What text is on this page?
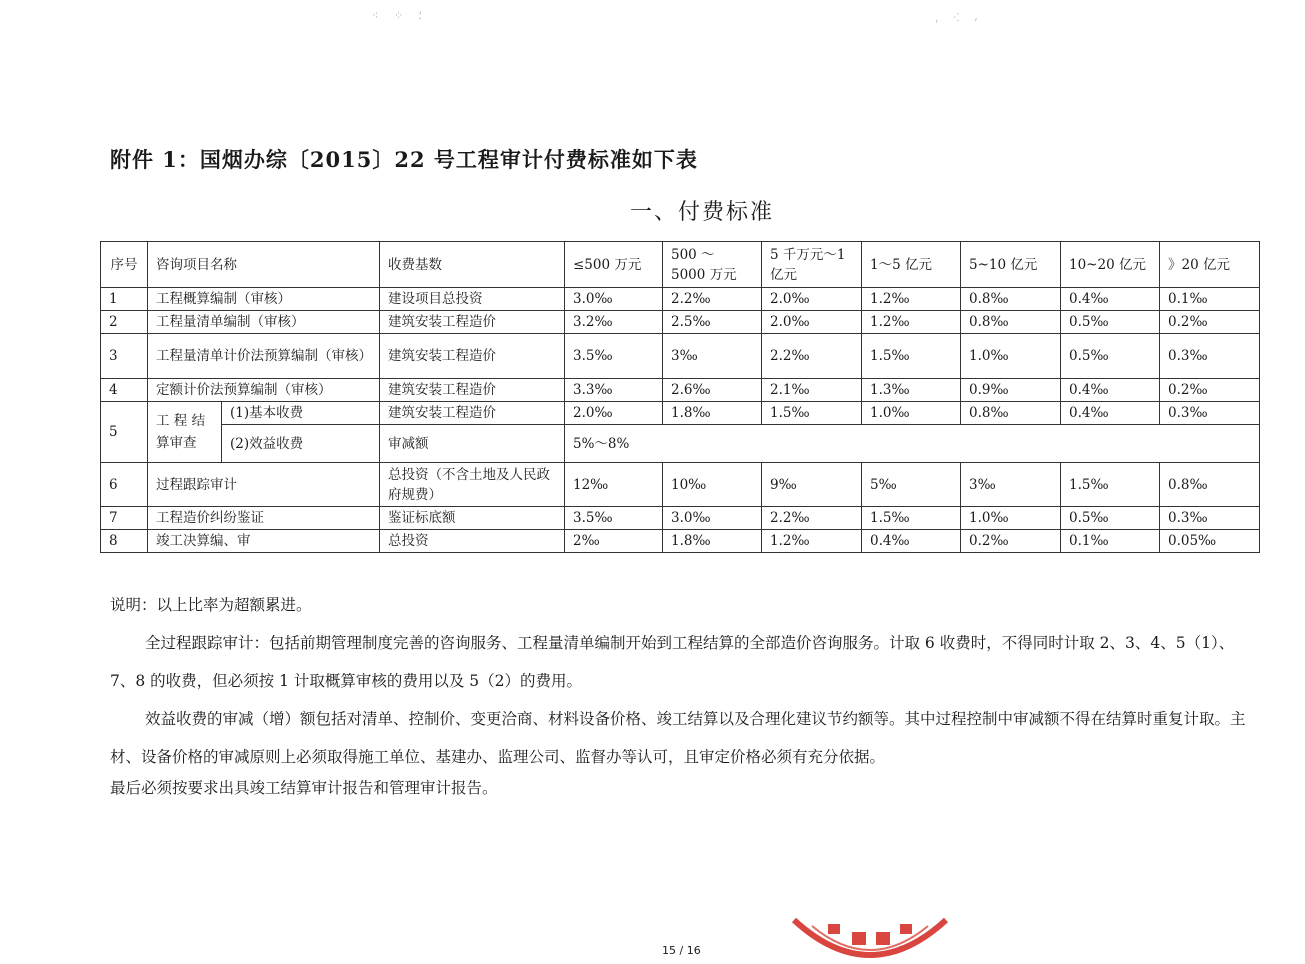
⁖ ⁘ ⸵	⸲ ⁖ ⸴
附件 1：国烟办综〔2015〕22 号工程审计付费标准如下表
一、付费标准
序号	咨询项目名称		收费基数	≤500 万元	500 ～ 5000 万元	5 千万元～1 亿元	1～5 亿元	5~10 亿元	10~20 亿元	》20 亿元
1	工程概算编制（审核）		建设项目总投资	3.0‰	2.2‰	2.0‰	1.2‰	0.8‰	0.4‰	0.1‰
2	工程量清单编制（审核）		建筑安装工程造价	3.2‰	2.5‰	2.0‰	1.2‰	0.8‰	0.5‰	0.2‰
3	工程量清单计价法预算编制（审核）		建筑安装工程造价	3.5‰	3‰	2.2‰	1.5‰	1.0‰	0.5‰	0.3‰
4	定额计价法预算编制（审核）		建筑安装工程造价	3.3‰	2.6‰	2.1‰	1.3‰	0.9‰	0.4‰	0.2‰
5	工 程 结 算审查	(1)基本收费	建筑安装工程造价	2.0‰	1.8‰	1.5‰	1.0‰	0.8‰	0.4‰	0.3‰
		(2)效益收费	审减额	5%～8%						
6	过程跟踪审计		总投资（不含土地及人民政府规费）	12‰	10‰	9‰	5‰	3‰	1.5‰	0.8‰
7	工程造价纠纷鉴证		鉴证标底额	3.5‰	3.0‰	2.2‰	1.5‰	1.0‰	0.5‰	0.3‰
8	竣工决算编、审		总投资	2‰	1.8‰	1.2‰	0.4‰	0.2‰	0.1‰	0.05‰

说明：以上比率为超额累进。

全过程跟踪审计：包括前期管理制度完善的咨询服务、工程量清单编制开始到工程结算的全部造价咨询服务。计取 6 收费时，不得同时计取 2、3、4、5（1）、7、8 的收费，但必须按 1 计取概算审核的费用以及 5（2）的费用。

效益收费的审减（增）额包括对清单、控制价、变更洽商、材料设备价格、竣工结算以及合理化建议节约额等。其中过程控制中审减额不得在结算时重复计取。主材、设备价格的审减原则上必须取得施工单位、基建办、监理公司、监督办等认可，且审定价格必须有充分依据。

最后必须按要求出具竣工结算审计报告和管理审计报告。

15 / 16
